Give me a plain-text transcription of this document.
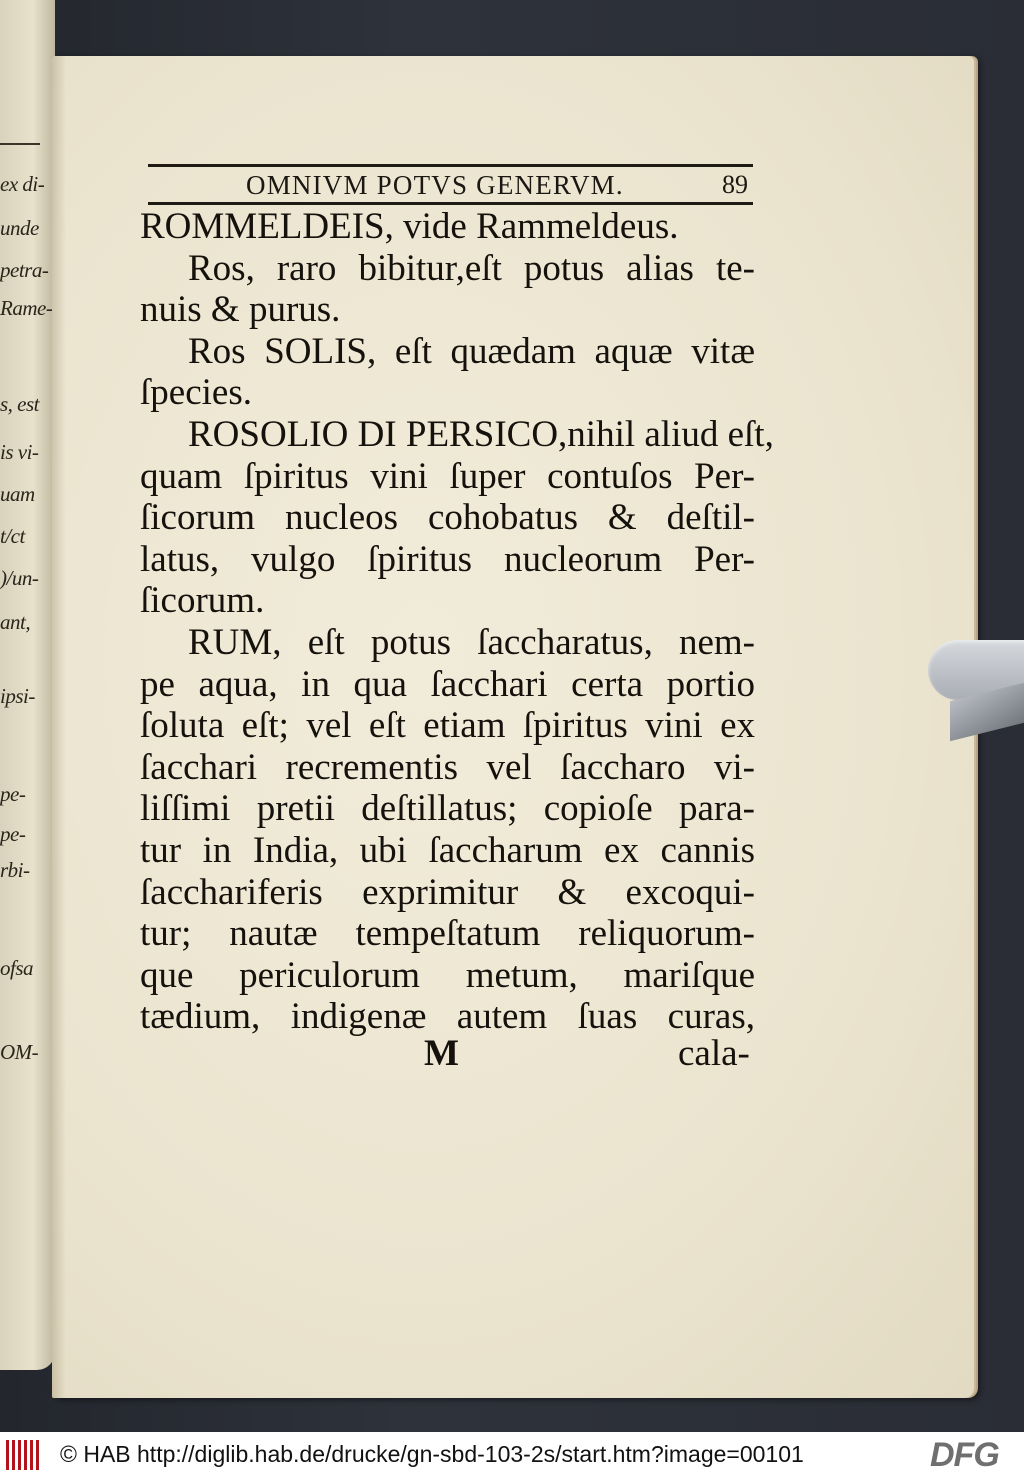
ex di-
unde
petra-
Rame-
s, est
is vi-
uam
t/ct
)/un-
ant,
ipsi-
pe-
pe-
rbi-
ofsa
OM-
OMNIVM POTVS GENERVM.	89
ROMMELDEIS, vide Rammeldeus.
Ros, raro bibitur,eſt potus alias te-
nuis & purus.
Ros SOLIS, eſt quædam aquæ vitæ
ſpecies.
ROSOLIO DI PERSICO,nihil aliud eſt,
quam ſpiritus vini ſuper contuſos Per-
ſicorum nucleos cohobatus & deſtil-
latus, vulgo ſpiritus nucleorum Per-
ſicorum.
RUM, eſt potus ſaccharatus, nem-
pe aqua, in qua ſacchari certa portio
ſoluta eſt; vel eſt etiam ſpiritus vini ex
ſacchari recrementis vel ſaccharo vi-
liſſimi pretii deſtillatus; copioſe para-
tur in India, ubi ſaccharum ex cannis
ſacchariferis exprimitur & excoqui-
tur; nautæ tempeſtatum reliquorum-
que periculorum metum, mariſque
tædium, indigenæ autem ſuas curas,
M	cala-
© HAB http://diglib.hab.de/drucke/gn-sbd-103-2s/start.htm?image=00101	DFG
